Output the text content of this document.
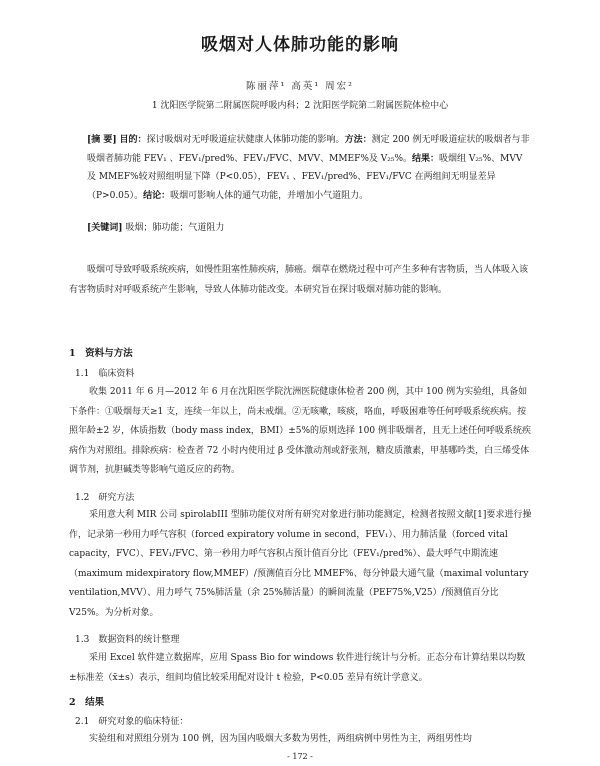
吸烟对人体肺功能的影响
陈丽萍¹ 高英¹ 周宏²
1 沈阳医学院第二附属医院呼吸内科；2 沈阳医学院第二附属医院体检中心
[摘 要] 目的：探讨吸烟对无呼吸道症状健康人体肺功能的影响。方法：测定 200 例无呼吸道症状的吸烟者与非吸烟者肺功能 FEV₁ 、FEV₁/pred%、FEV₁/FVC、MVV、MMEF%及 V₂₅%。结果：吸烟组 V₂₅%、MVV 及 MMEF%较对照组明显下降（P<0.05），FEV₁ 、FEV₁/pred%、FEV₁/FVC 在两组间无明显差异（P>0.05）。结论：吸烟可影响人体的通气功能，并增加小气道阻力。
[关键词] 吸烟；肺功能；气道阻力
吸烟可导致呼吸系统疾病，如慢性阻塞性肺疾病，肺癌。烟草在燃烧过程中可产生多种有害物质，当人体吸入该有害物质时对呼吸系统产生影响，导致人体肺功能改变。本研究旨在探讨吸烟对肺功能的影响。
1　资料与方法
1.1　临床资料
收集 2011 年 6 月—2012 年 6 月在沈阳医学院沈洲医院健康体检者 200 例，其中 100 例为实验组，具备如下条件：①吸烟每天≥1 支，连续一年以上，尚未戒烟。②无咳嗽，咳痰，咯血，呼吸困难等任何呼吸系统疾病。按照年龄±2 岁，体质指数（body mass index，BMI）±5%的原则选择 100 例非吸烟者，且无上述任何呼吸系统疾病作为对照组。排除疾病：检查者 72 小时内使用过 β 受体激动剂或舒张剂，糖皮质激素，甲基哪吟类，白三烯受体调节剂，抗胆碱类等影响气道反应的药物。
1.2　研究方法
采用意大利 MIR 公司 spirolabIII 型肺功能仪对所有研究对象进行肺功能测定，检测者按照文献[1]要求进行操作，记录第一秒用力呼气容积（forced expiratory volume in second，FEV₁）、用力肺活量（forced vital capacity，FVC）、FEV₁/FVC、第一秒用力呼气容积占预计值百分比（FEV₁/pred%）、最大呼气中期流速（maximum midexpiratory flow,MMEF）/预测值百分比 MMEF%、每分钟最大通气量（maximal voluntary ventilation,MVV）、用力呼气 75%肺活量（余 25%肺活量）的瞬间流量（PEF75%,V25）/预测值百分比 V25%。为分析对象。
1.3　数据资料的统计整理
采用 Excel 软件建立数据库，应用 Spass Bio for windows 软件进行统计与分析。正态分布计算结果以均数±标准差（x̄±s）表示，组间均值比较采用配对设计 t 检验，P<0.05 差异有统计学意义。
2　结果
2.1　研究对象的临床特征：
实验组和对照组分别为 100 例，因为国内吸烟大多数为男性，两组病例中男性为主，两组男性均
- 172 -
